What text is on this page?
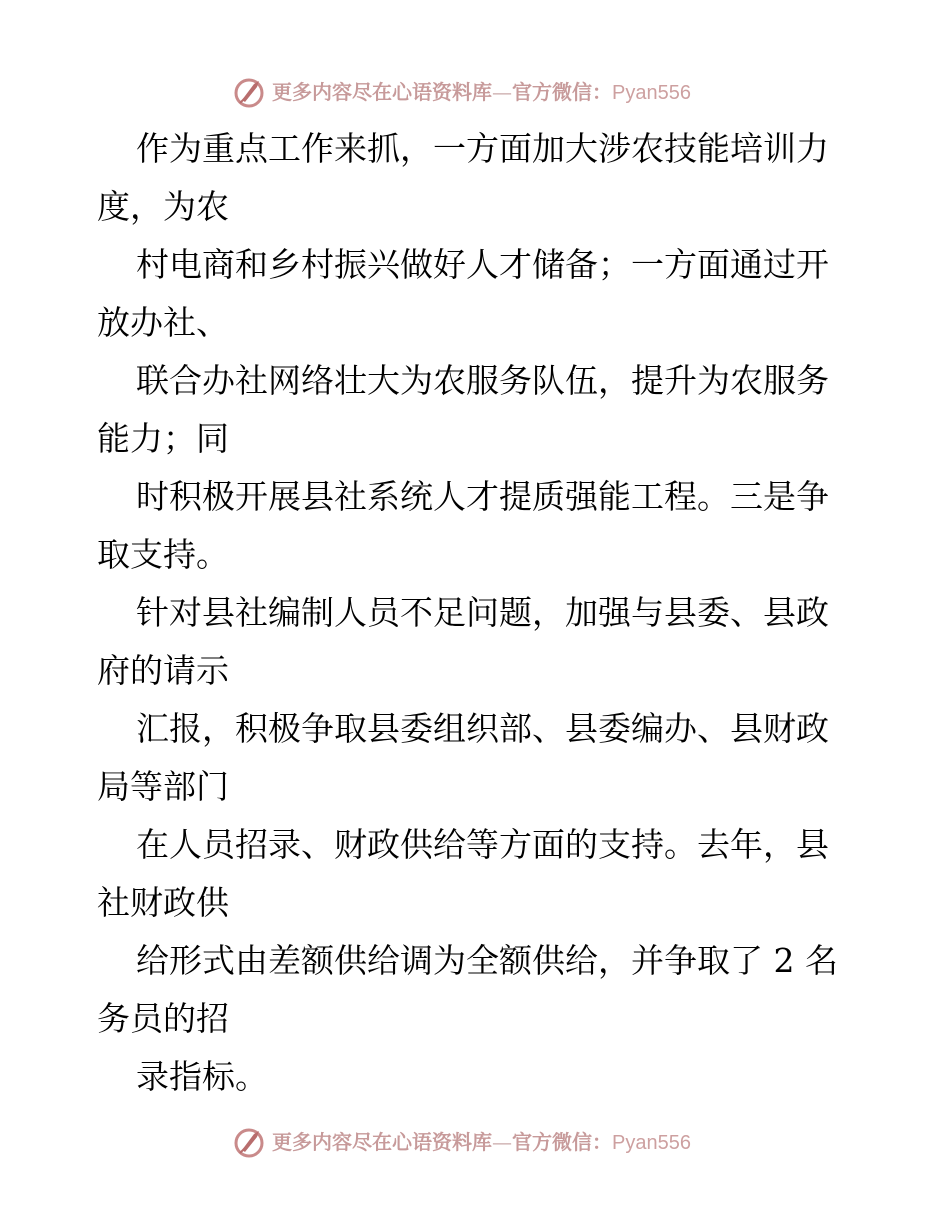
更多内容尽在心语资料库—官方微信：Pyan556

作为重点工作来抓，一方面加大涉农技能培训力度，为农

村电商和乡村振兴做好人才储备；一方面通过开放办社、

联合办社网络壮大为农服务队伍，提升为农服务能力；同

时积极开展县社系统人才提质强能工程。三是争取支持。

针对县社编制人员不足问题，加强与县委、县政府的请示

汇报，积极争取县委组织部、县委编办、县财政局等部门

在人员招录、财政供给等方面的支持。去年，县社财政供

给形式由差额供给调为全额供给，并争取了 2 名务员的招

录指标。

更多内容尽在心语资料库—官方微信：Pyan556
